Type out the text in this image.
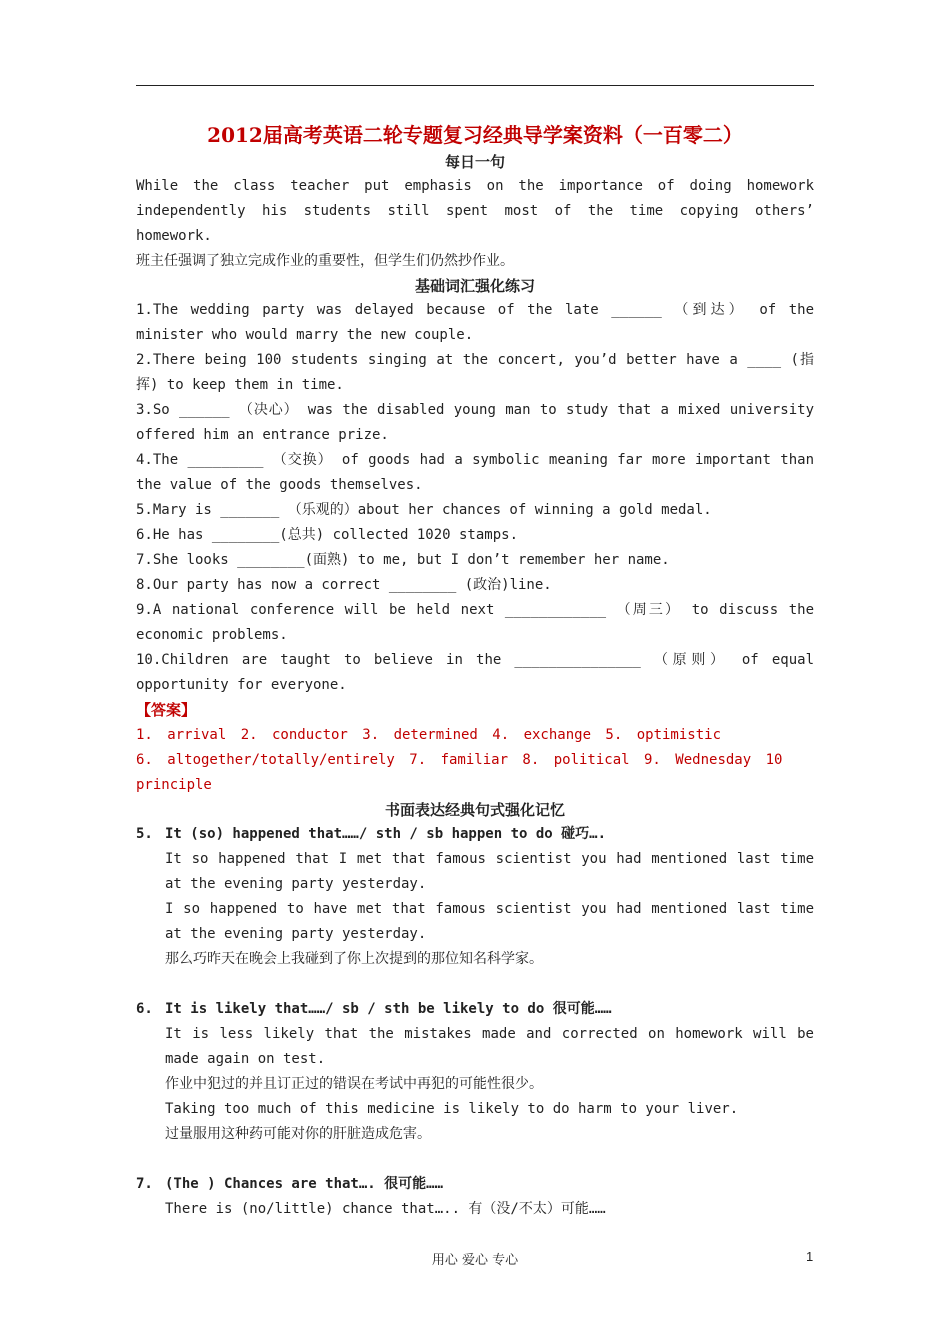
2012届高考英语二轮专题复习经典导学案资料（一百零二）

每日一句

While the class teacher put emphasis on the importance of doing homework independently his students still spent most of the time copying others’ homework.

班主任强调了独立完成作业的重要性，但学生们仍然抄作业。

基础词汇强化练习

1.The wedding party was delayed because of the late ______ （到达） of the minister who would marry the new couple.

2.There being 100 students singing at the concert, you’d better have a ____ (指挥) to keep them in time.

3.So ______ （决心） was the disabled young man to study that a mixed university offered him an entrance prize.

4.The _________ （交换） of goods had a symbolic meaning far more important than the value of the goods themselves.

5.Mary is _______ （乐观的）about her chances of winning a gold medal.

6.He has ________(总共) collected 1020 stamps.

7.She looks ________(面熟) to me, but I don’t remember her name.

8.Our party has now a correct ________ (政治)line.

9.A national conference will be held next ____________ （周三） to discuss the economic problems.

10.Children are taught to believe in the _______________ （原则） of equal opportunity for everyone.

【答案】

1. arrival 2. conductor 3. determined 4. exchange 5. optimistic

6. altogether/totally/entirely 7. familiar 8. political 9. Wednesday 10 principle

书面表达经典句式强化记忆

5. It (so) happened that……/ sth / sb happen to do 碰巧….

It so happened that I met that famous scientist you had mentioned last time at the evening party yesterday.

I so happened to have met that famous scientist you had mentioned last time at the evening party yesterday.

那么巧昨天在晚会上我碰到了你上次提到的那位知名科学家。

6. It is likely that……/ sb / sth be likely to do 很可能……

It is less likely that the mistakes made and corrected on homework will be made again on test.

作业中犯过的并且订正过的错误在考试中再犯的可能性很少。

Taking too much of this medicine is likely to do harm to your liver.

过量服用这种药可能对你的肝脏造成危害。

7. (The ) Chances are that…. 很可能……

There is (no/little) chance that….. 有（没/不太）可能……

用心 爱心 专心	1
